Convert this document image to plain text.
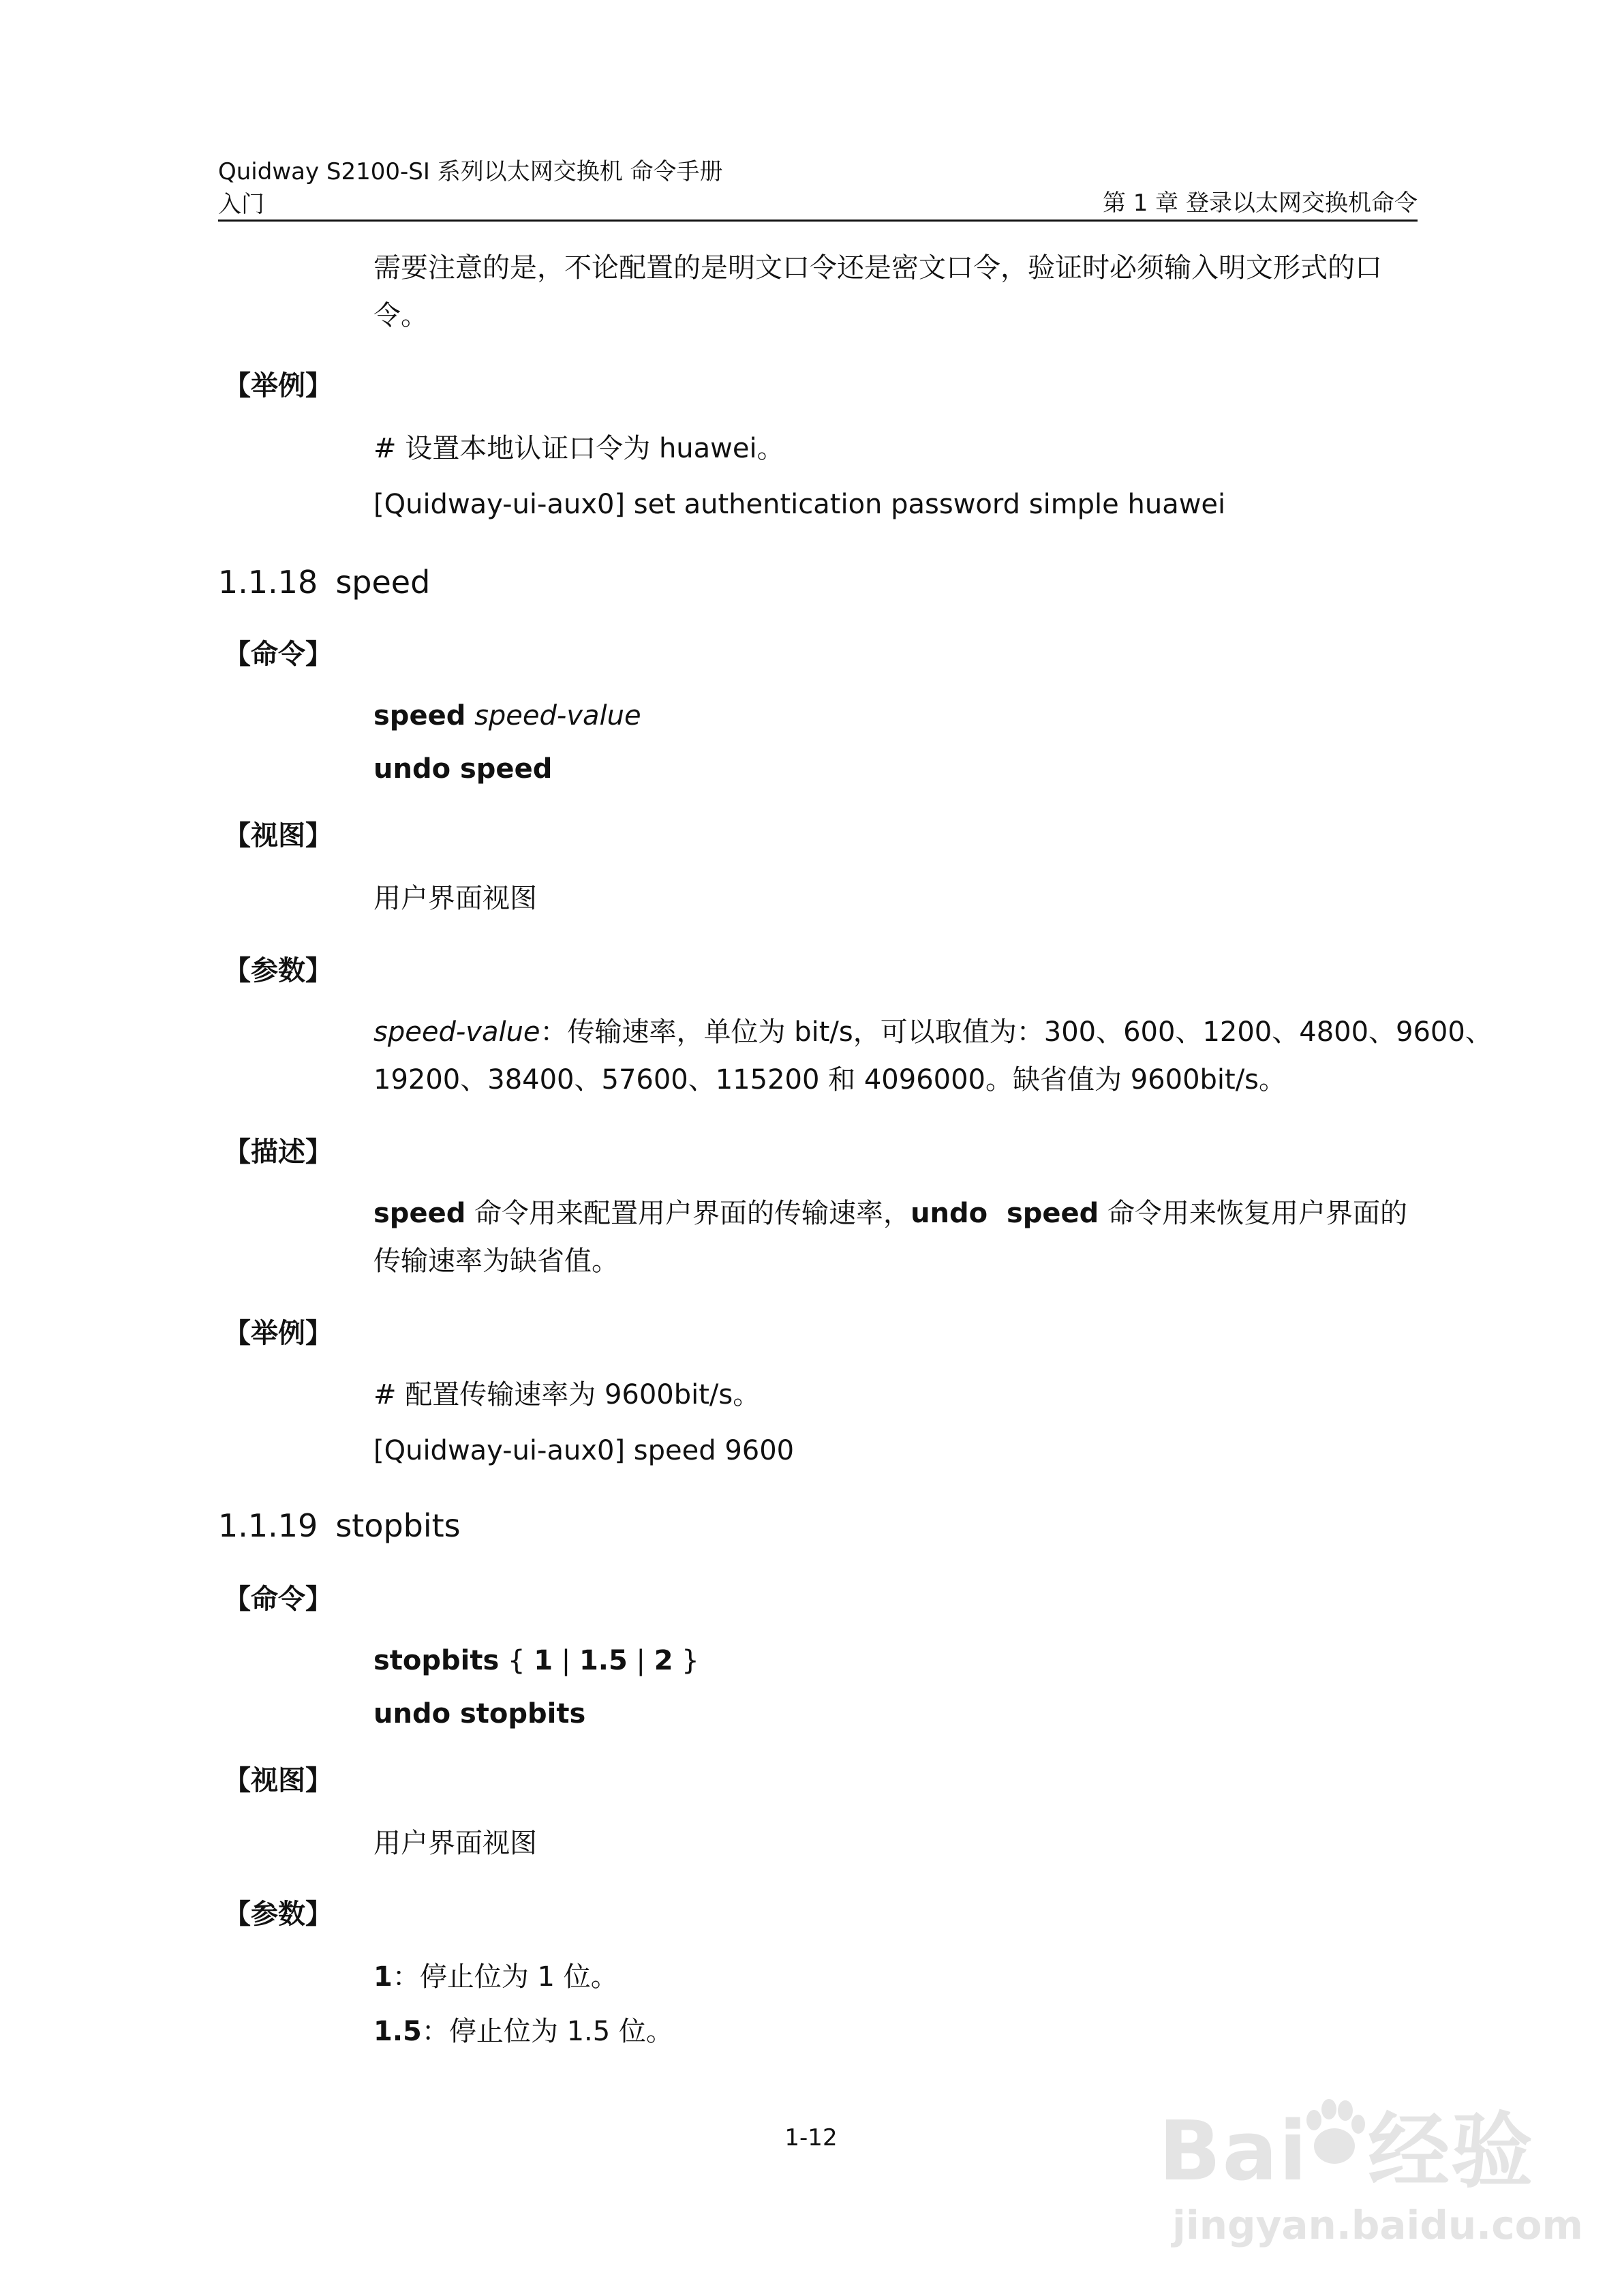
Quidway S2100-SI 系列以太网交换机 命令手册
入门	第 1 章 登录以太网交换机命令
需要注意的是，不论配置的是明文口令还是密文口令，验证时必须输入明文形式的口令。
【举例】
# 设置本地认证口令为 huawei。
[Quidway-ui-aux0] set authentication password simple huawei
1.1.18 speed
【命令】
speed speed-value
undo speed
【视图】
用户界面视图
【参数】
speed-value：传输速率，单位为 bit/s，可以取值为：300、600、1200、4800、9600、
19200、38400、57600、115200 和 4096000。缺省值为 9600bit/s。
【描述】
speed 命令用来配置用户界面的传输速率，undo  speed 命令用来恢复用户界面的
传输速率为缺省值。
【举例】
# 配置传输速率为 9600bit/s。
[Quidway-ui-aux0] speed 9600
1.1.19 stopbits
【命令】
stopbits { 1 | 1.5 | 2 }
undo stopbits
【视图】
用户界面视图
【参数】
1：停止位为 1 位。
1.5：停止位为 1.5 位。
1-12	Bai  经验
jingyan.baidu.com
